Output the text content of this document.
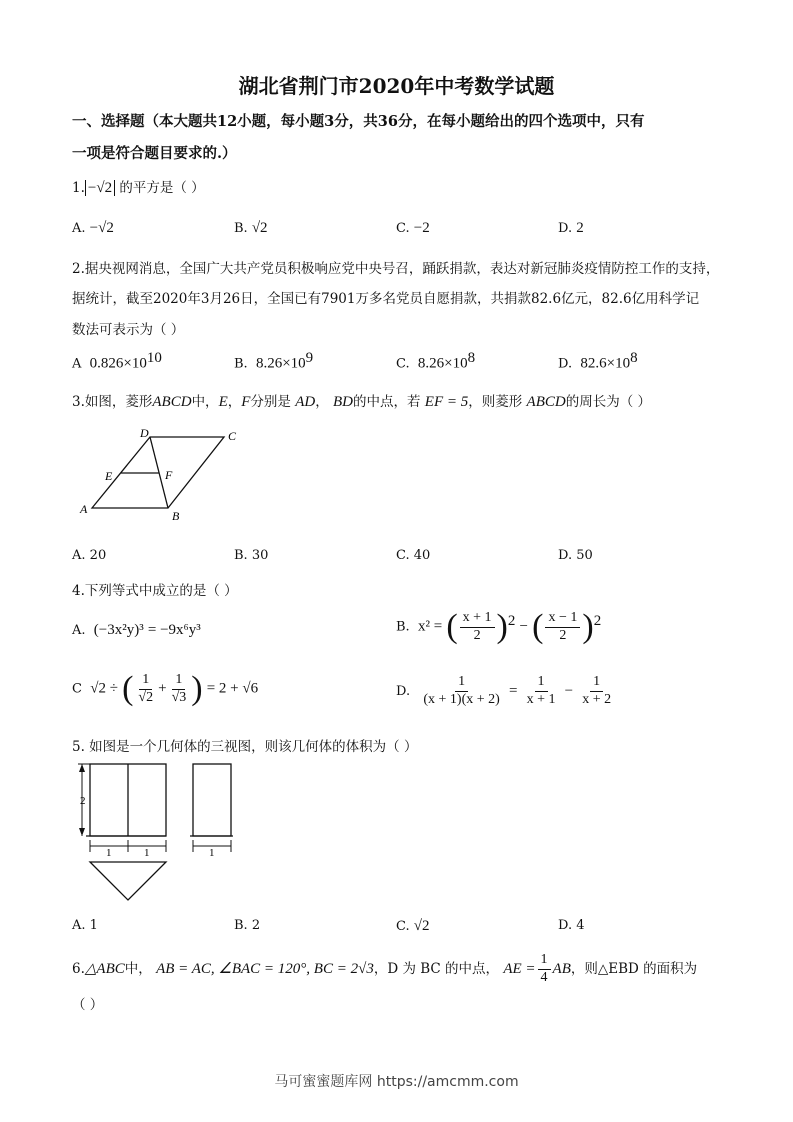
湖北省荆门市2020年中考数学试题
一、选择题（本大题共12小题，每小题3分，共36分，在每小题给出的四个选项中，只有
一项是符合题目要求的.）
1. −√2 的平方是（ ）
A. −√2	B. √2	C. −2	D. 2
2.据央视网消息，全国广大共产党员积极响应党中央号召，踊跃捐款，表达对新冠肺炎疫情防控工作的支持，
据统计，截至2020年3月26日，全国已有7901万多名党员自愿捐款，共捐款82.6亿元，82.6亿用科学记
数法可表示为（ ）
A $0.826\times 10^{10}$	B. $8.26\times 10^9$	C. $8.26\times 10^8$	D. $82.6\times 10^8$
3.如图，菱形ABCD中，E，F分别是 AD， BD的中点，若 EF = 5，则菱形 ABCD的周长为（ ）
D	C
E	F
A	B
A. 20	B. 30	C. 40	D. 50
4.下列等式中成立的是（ ）
A. (−3x²y)³ = −9x⁶y³	B. x² = ( $\frac{x + 1}{2} )^2$ − ( $\frac{x - 1}{2} )^2$
C √2 ÷ ( $\frac{1}{√2} + \frac{1}{√3}$ ) = 2 + √6	D. $\frac{1}{(x + 1)(x + 2)} = \frac{1}{x + 1} - \frac{1}{x + 2}$
5. 如图是一个几何体的三视图，则该几何体的体积为（ ）
2
1	1	1
A. 1	B. 2	C. √2	D. 4
6.△ABC中， AB = AC, ∠BAC = 120°, BC = 2√3，D 为 BC 的中点， AE = $\frac{1}{4}$ AB，则△EBD 的面积为
（ ）
马可蜜蜜题库网 https://amcmm.com
